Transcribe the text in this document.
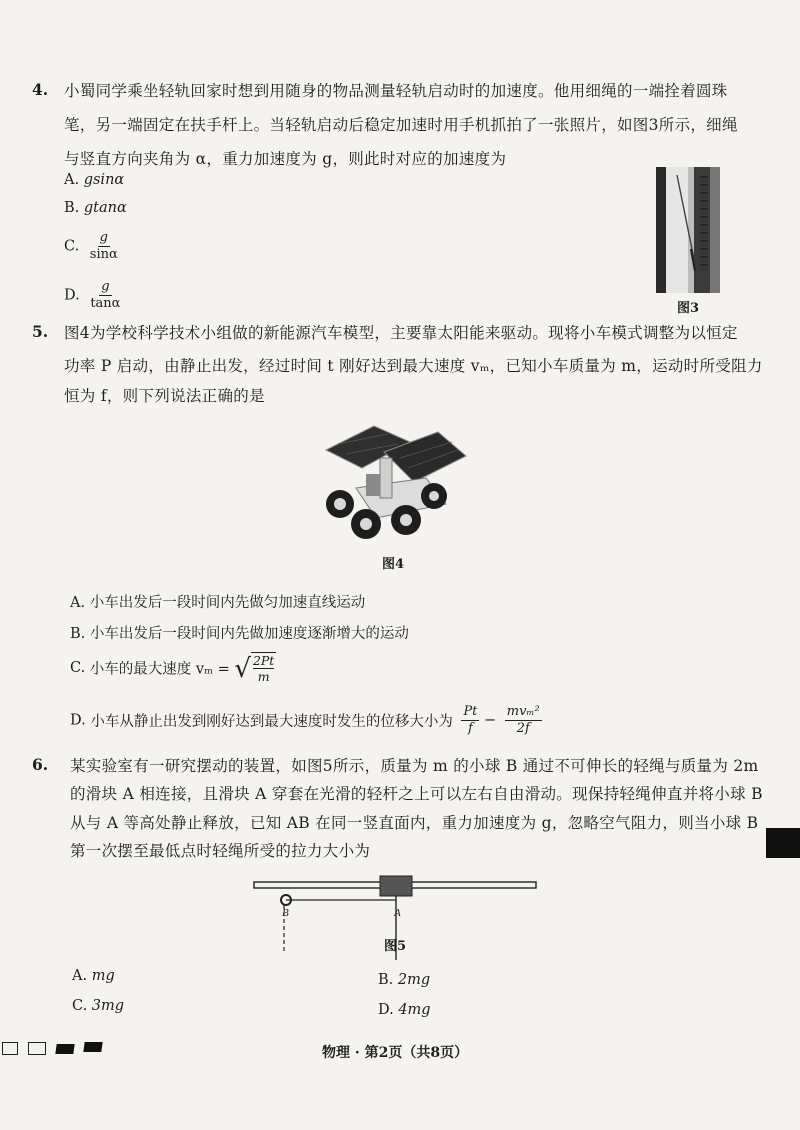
4. 小蜀同学乘坐轻轨回家时想到用随身的物品测量轻轨启动时的加速度。他用细绳的一端拴着圆珠
笔，另一端固定在扶手杆上。当轻轨启动后稳定加速时用手机抓拍了一张照片，如图3所示，细绳
与竖直方向夹角为 α，重力加速度为 g，则此时对应的加速度为
A. gsinα
B. gtanα
C. $\frac{g}{\sin\alpha}$
D. $\frac{g}{\tan\alpha}$	图3
5. 图4为学校科学技术小组做的新能源汽车模型，主要靠太阳能来驱动。现将小车模式调整为以恒定
功率 P 启动，由静止出发，经过时间 t 刚好达到最大速度 vₘ，已知小车质量为 m，运动时所受阻力
恒为 f，则下列说法正确的是
图4
A. 小车出发后一段时间内先做匀加速直线运动
B. 小车出发后一段时间内先做加速度逐渐增大的运动
C. 小车的最大速度 vₘ = √ 2Pt
m
D. 小车从静止出发到刚好达到最大速度时发生的位移大小为 $\frac{Pt}{f} - \frac{\text{mvₘ²}}{2f}$
6. 某实验室有一研究摆动的装置，如图5所示，质量为 m 的小球 B 通过不可伸长的轻绳与质量为 2m
的滑块 A 相连接，且滑块 A 穿套在光滑的轻杆之上可以左右自由滑动。现保持轻绳伸直并将小球 B
从与 A 等高处静止释放，已知 AB 在同一竖直面内，重力加速度为 g，忽略空气阻力，则当小球 B
第一次摆至最低点时轻绳所受的拉力大小为
B	A
图5
A. mg	B. 2mg
C. 3mg	D. 4mg
物理 · 第2页（共8页）
